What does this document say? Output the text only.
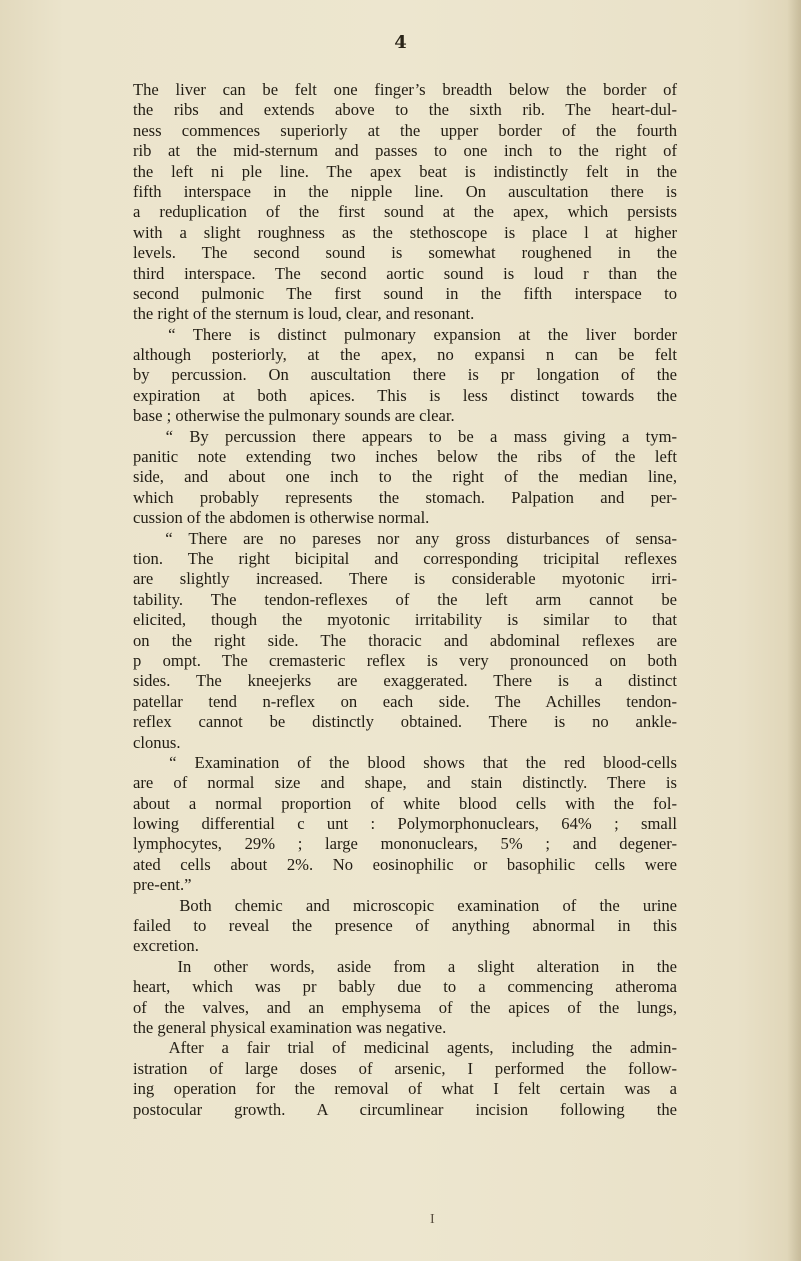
4
The liver can be felt one finger’s breadth below the border of
the ribs and extends above to the sixth rib. The heart-dul-
ness commences superiorly at the upper border of the fourth
rib at the mid-sternum and passes to one inch to the right of
the left ni ple line. The apex beat is indistinctly felt in the
fifth interspace in the nipple line. On auscultation there is
a reduplication of the first sound at the apex, which persists
with a slight roughness as the stethoscope is place l at higher
levels. The second sound is somewhat roughened in the
third interspace. The second aortic sound is loud r than the
second pulmonic The first sound in the fifth interspace to
the right of the sternum is loud, clear, and resonant.
“ There is distinct pulmonary expansion at the liver border
although posteriorly, at the apex, no expansi n can be felt
by percussion. On auscultation there is pr longation of the
expiration at both apices. This is less distinct towards the
base ; otherwise the pulmonary sounds are clear.
“ By percussion there appears to be a mass giving a tym-
panitic note extending two inches below the ribs of the left
side, and about one inch to the right of the median line,
which probably represents the stomach. Palpation and per-
cussion of the abdomen is otherwise normal.
“ There are no pareses nor any gross disturbances of sensa-
tion. The right bicipital and corresponding tricipital reflexes
are slightly increased. There is considerable myotonic irri-
tability. The tendon-reflexes of the left arm cannot be
elicited, though the myotonic irritability is similar to that
on the right side. The thoracic and abdominal reflexes are
p ompt. The cremasteric reflex is very pronounced on both
sides. The kneejerks are exaggerated. There is a distinct
patellar tend n-reflex on each side. The Achilles tendon-
reflex cannot be distinctly obtained. There is no ankle-
clonus.
“ Examination of the blood shows that the red blood-cells
are of normal size and shape, and stain distinctly. There is
about a normal proportion of white blood cells with the fol-
lowing differential c unt : Polymorphonuclears, 64% ; small
lymphocytes, 29% ; large mononuclears, 5% ; and degener-
ated cells about 2%. No eosinophilic or basophilic cells were
pre-ent.”
Both chemic and microscopic examination of the urine
failed to reveal the presence of anything abnormal in this
excretion.
In other words, aside from a slight alteration in the
heart, which was pr bably due to a commencing atheroma
of the valves, and an emphysema of the apices of the lungs,
the general physical examination was negative.
After a fair trial of medicinal agents, including the admin-
istration of large doses of arsenic, I performed the follow-
ing operation for the removal of what I felt certain was a
postocular growth. A circumlinear incision following the
I
